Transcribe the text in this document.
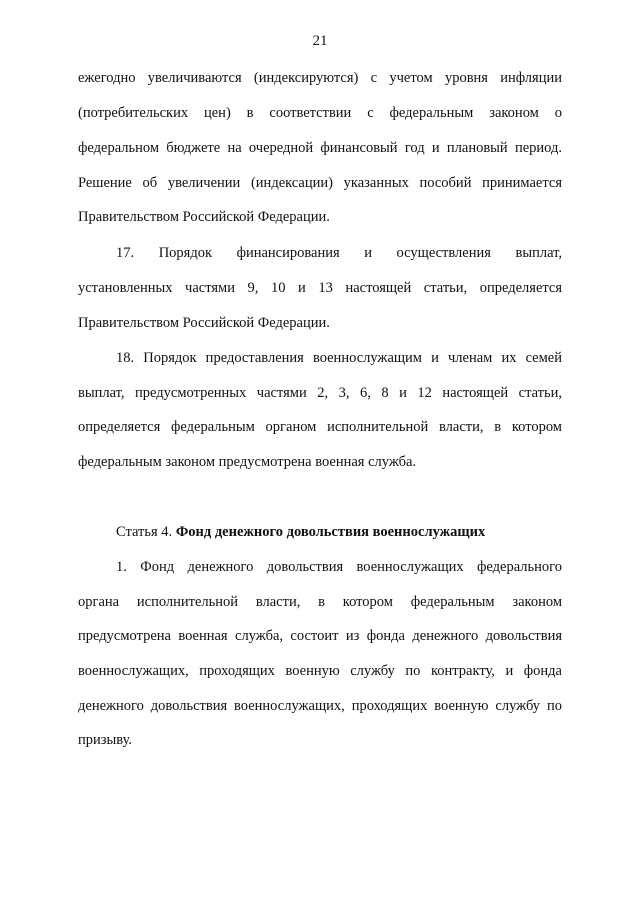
21
ежегодно увеличиваются (индексируются) с учетом уровня инфляции
(потребительских цен) в соответствии с федеральным законом о
федеральном бюджете на очередной финансовый год и плановый период.
Решение об увеличении (индексации) указанных пособий принимается
Правительством Российской Федерации.
17. Порядок финансирования и осуществления выплат,
установленных частями 9, 10 и 13 настоящей статьи, определяется
Правительством Российской Федерации.
18. Порядок предоставления военнослужащим и членам их семей
выплат, предусмотренных частями 2, 3, 6, 8 и 12 настоящей статьи,
определяется федеральным органом исполнительной власти, в котором
федеральным законом предусмотрена военная служба.
Статья 4. Фонд денежного довольствия военнослужащих
1. Фонд денежного довольствия военнослужащих федерального
органа исполнительной власти, в котором федеральным законом
предусмотрена военная служба, состоит из фонда денежного довольствия
военнослужащих, проходящих военную службу по контракту, и фонда
денежного довольствия военнослужащих, проходящих военную службу по
призыву.
